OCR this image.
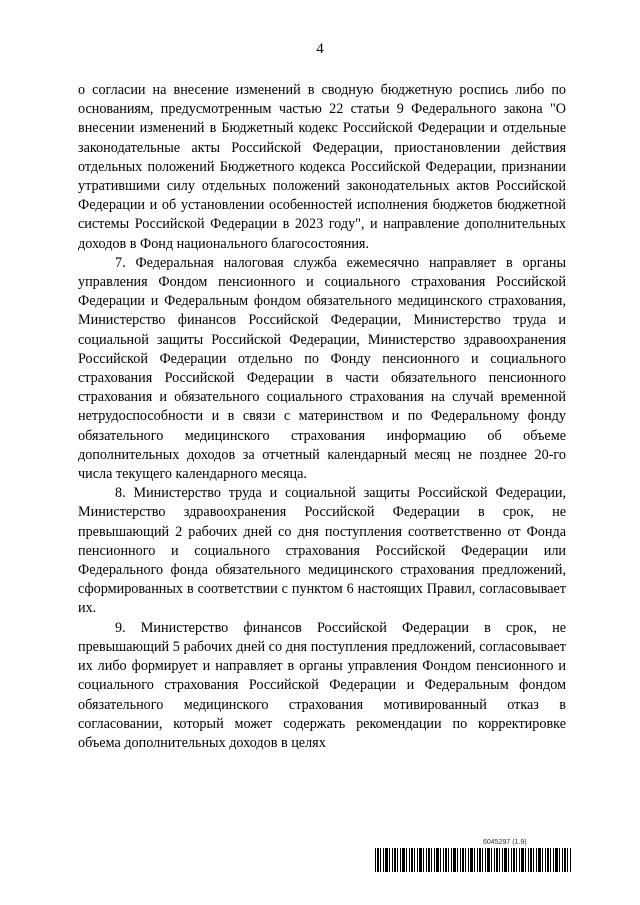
4

о согласии на внесение изменений в сводную бюджетную роспись либо по основаниям, предусмотренным частью 22 статьи 9 Федерального закона "О внесении изменений в Бюджетный кодекс Российской Федерации и отдельные законодательные акты Российской Федерации, приостановлении действия отдельных положений Бюджетного кодекса Российской Федерации, признании утратившими силу отдельных положений законодательных актов Российской Федерации и об установлении особенностей исполнения бюджетов бюджетной системы Российской Федерации в 2023 году", и направление дополнительных доходов в Фонд национального благосостояния.

7. Федеральная налоговая служба ежемесячно направляет в органы управления Фондом пенсионного и социального страхования Российской Федерации и Федеральным фондом обязательного медицинского страхования, Министерство финансов Российской Федерации, Министерство труда и социальной защиты Российской Федерации, Министерство здравоохранения Российской Федерации отдельно по Фонду пенсионного и социального страхования Российской Федерации в части обязательного пенсионного страхования и обязательного социального страхования на случай временной нетрудоспособности и в связи с материнством и по Федеральному фонду обязательного медицинского страхования информацию об объеме дополнительных доходов за отчетный календарный месяц не позднее 20-го числа текущего календарного месяца.

8. Министерство труда и социальной защиты Российской Федерации, Министерство здравоохранения Российской Федерации в срок, не превышающий 2 рабочих дней со дня поступления соответственно от Фонда пенсионного и социального страхования Российской Федерации или Федерального фонда обязательного медицинского страхования предложений, сформированных в соответствии с пунктом 6 настоящих Правил, согласовывает их.

9. Министерство финансов Российской Федерации в срок, не превышающий 5 рабочих дней со дня поступления предложений, согласовывает их либо формирует и направляет в органы управления Фондом пенсионного и социального страхования Российской Федерации и Федеральным фондом обязательного медицинского страхования мотивированный отказ в согласовании, который может содержать рекомендации по корректировке объема дополнительных доходов в целях

6045297 (1.9)
